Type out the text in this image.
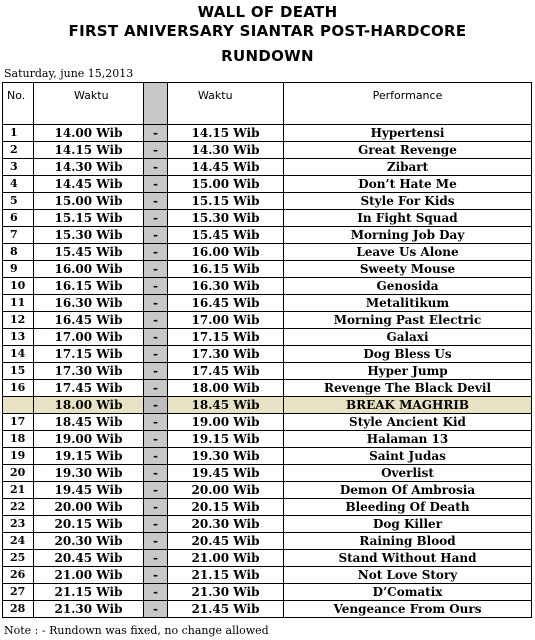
WALL OF DEATH
FIRST ANIVERSARY SIANTAR POST-HARDCORE
RUNDOWN
Saturday, june 15,2013
No.	Waktu		Waktu	Performance
1	14.00 Wib	-	14.15 Wib	Hypertensi
2	14.15 Wib	-	14.30 Wib	Great Revenge
3	14.30 Wib	-	14.45 Wib	Zibart
4	14.45 Wib	-	15.00 Wib	Don’t Hate Me
5	15.00 Wib	-	15.15 Wib	Style For Kids
6	15.15 Wib	-	15.30 Wib	In Fight Squad
7	15.30 Wib	-	15.45 Wib	Morning Job Day
8	15.45 Wib	-	16.00 Wib	Leave Us Alone
9	16.00 Wib	-	16.15 Wib	Sweety Mouse
10	16.15 Wib	-	16.30 Wib	Genosida
11	16.30 Wib	-	16.45 Wib	Metalitikum
12	16.45 Wib	-	17.00 Wib	Morning Past Electric
13	17.00 Wib	-	17.15 Wib	Galaxi
14	17.15 Wib	-	17.30 Wib	Dog Bless Us
15	17.30 Wib	-	17.45 Wib	Hyper Jump
16	17.45 Wib	-	18.00 Wib	Revenge The Black Devil
	18.00 Wib	-	18.45 Wib	BREAK MAGHRIB
17	18.45 Wib	-	19.00 Wib	Style Ancient Kid
18	19.00 Wib	-	19.15 Wib	Halaman 13
19	19.15 Wib	-	19.30 Wib	Saint Judas
20	19.30 Wib	-	19.45 Wib	Overlist
21	19.45 Wib	-	20.00 Wib	Demon Of Ambrosia
22	20.00 Wib	-	20.15 Wib	Bleeding Of Death
23	20.15 Wib	-	20.30 Wib	Dog Killer
24	20.30 Wib	-	20.45 Wib	Raining Blood
25	20.45 Wib	-	21.00 Wib	Stand Without Hand
26	21.00 Wib	-	21.15 Wib	Not Love Story
27	21.15 Wib	-	21.30 Wib	D’Comatix
28	21.30 Wib	-	21.45 Wib	Vengeance From Ours
Note : - Rundown was fixed, no change allowed
